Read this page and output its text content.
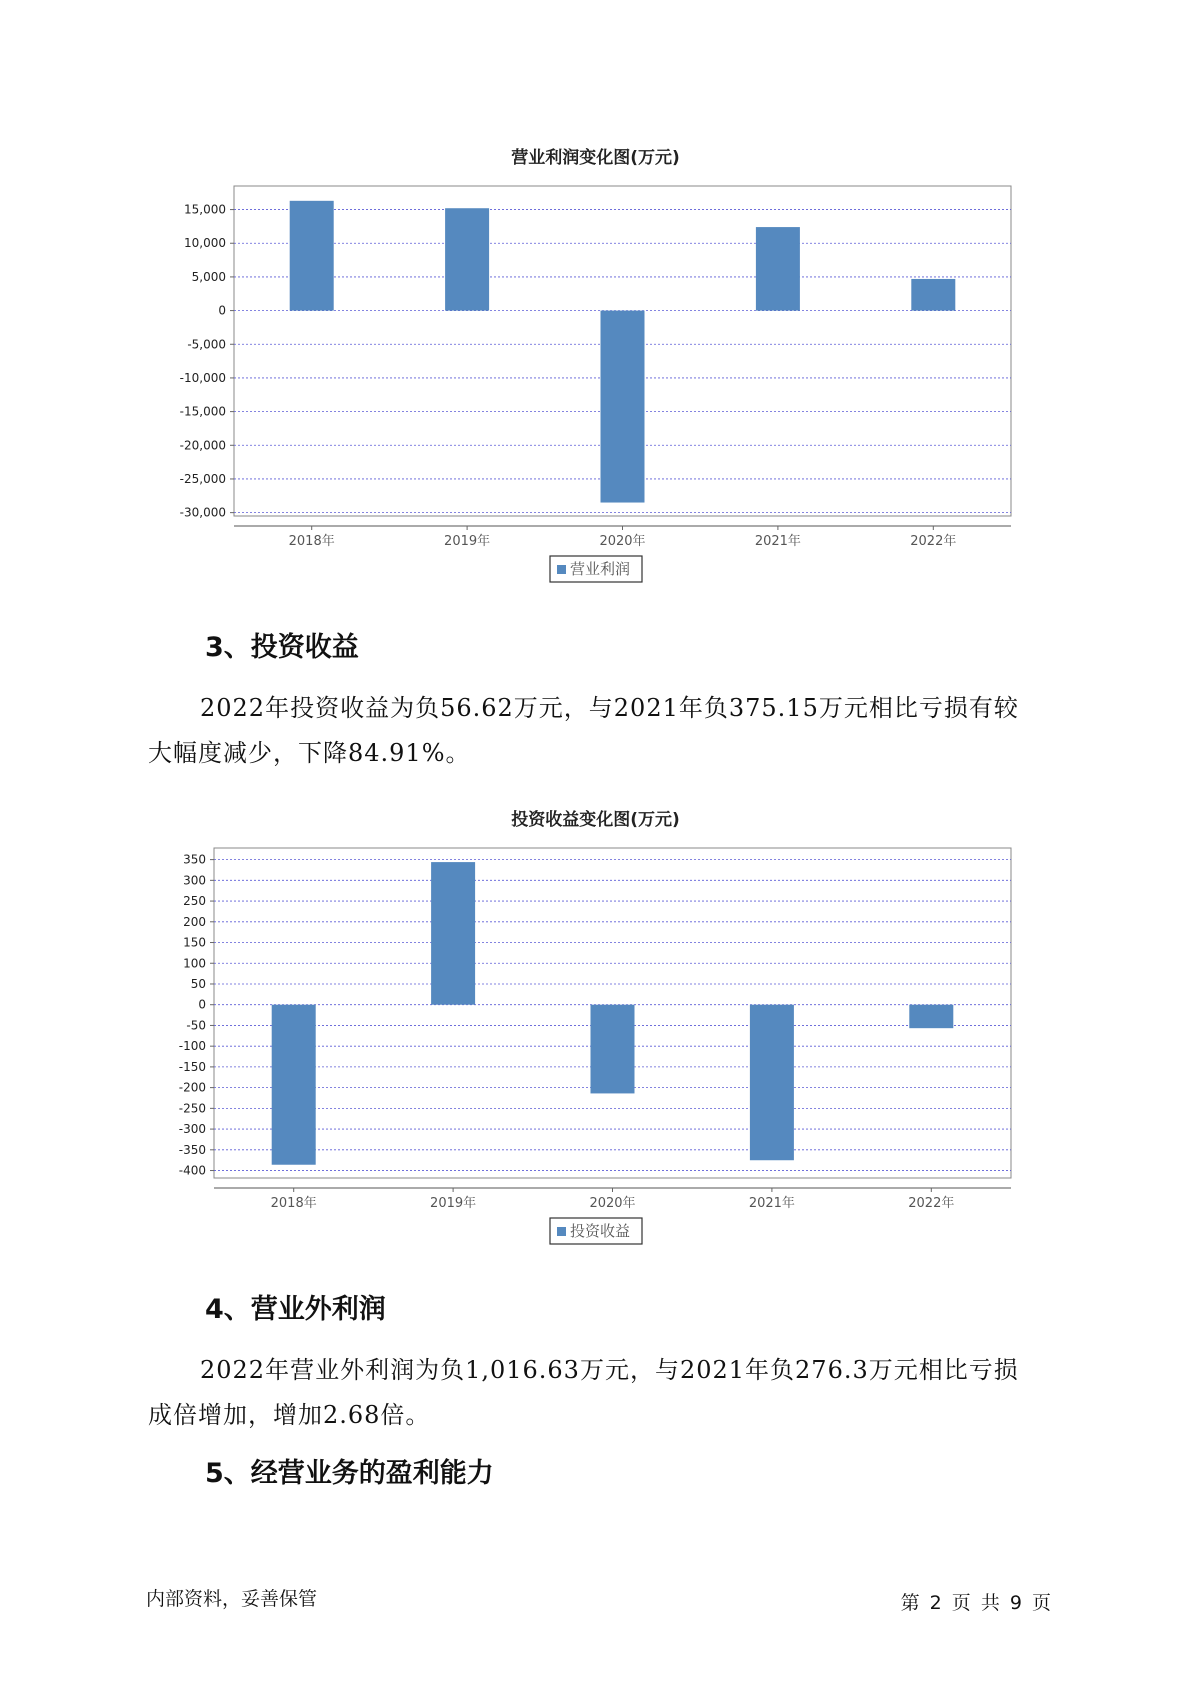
营业利润变化图(万元)
15,000
10,000
5,000
0
-5,000
-10,000
-15,000
-20,000
-25,000
-30,000
2018年	2019年	2020年	2021年	2022年
营业利润
3、投资收益
2022年投资收益为负56.62万元，与2021年负375.15万元相比亏损有较
大幅度减少，下降84.91%。
投资收益变化图(万元)
350
300
250
200
150
100
50
0
-50
-100
-150
-200
-250
-300
-350
-400
2018年	2019年	2020年	2021年	2022年
投资收益
4、营业外利润
2022年营业外利润为负1,016.63万元，与2021年负276.3万元相比亏损
成倍增加，增加2.68倍。
5、经营业务的盈利能力
内部资料，妥善保管	第 2 页 共 9 页
